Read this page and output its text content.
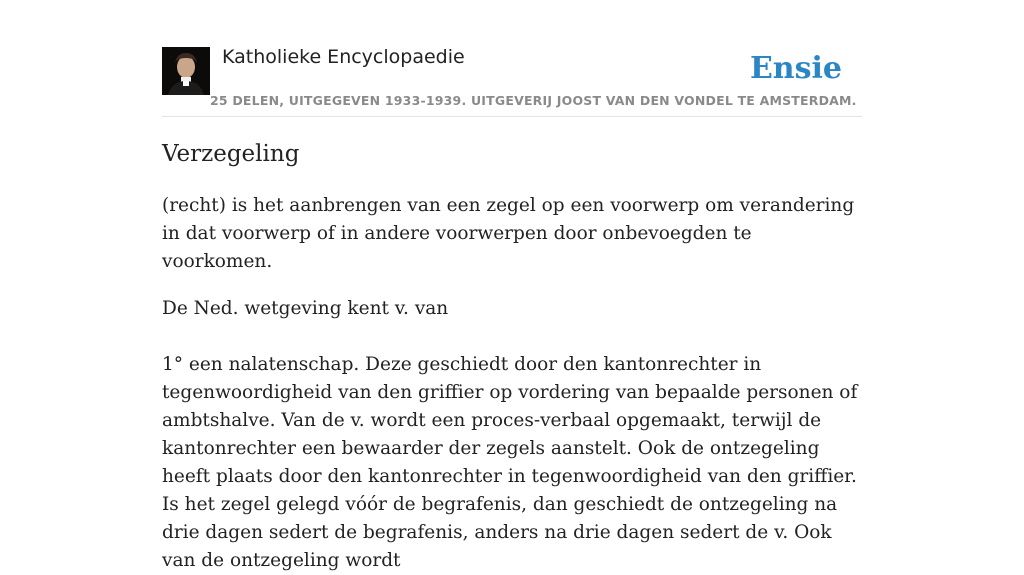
Katholieke Encyclopaedie
25 DELEN, UITGEGEVEN 1933-1939. UITGEVERIJ JOOST VAN DEN VONDEL TE AMSTERDAM.
Ensie
Verzegeling

(recht) is het aanbrengen van een zegel op een voorwerp om verandering in dat voorwerp of in andere voorwerpen door onbevoegden te voorkomen.

De Ned. wetgeving kent v. van

1° een nalatenschap. Deze geschiedt door den kantonrechter in tegenwoordigheid van den griffier op vordering van bepaalde personen of ambtshalve. Van de v. wordt een proces-verbaal opgemaakt, terwijl de kantonrechter een bewaarder der zegels aanstelt. Ook de ontzegeling heeft plaats door den kantonrechter in tegenwoordigheid van den griffier. Is het zegel gelegd vóór de begrafenis, dan geschiedt de ontzegeling na drie dagen sedert de begrafenis, anders na drie dagen sedert de v. Ook van de ontzegeling wordt
